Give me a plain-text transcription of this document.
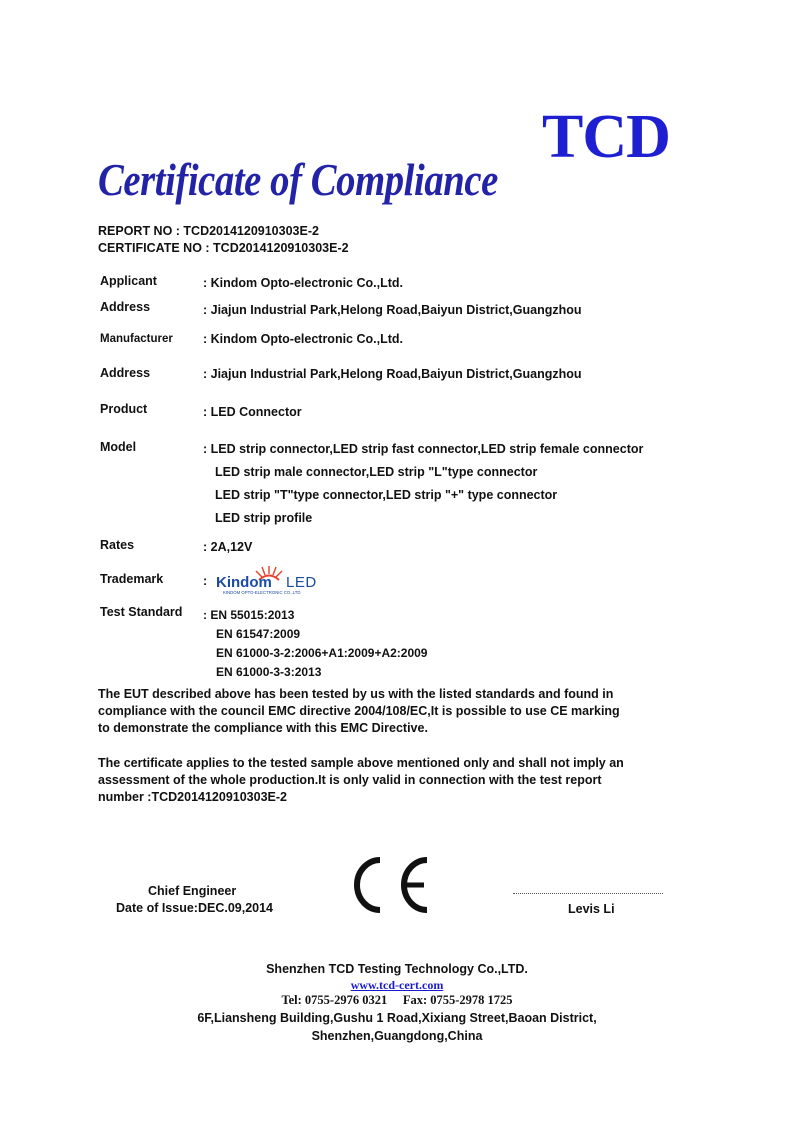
TCD
Certificate of Compliance
REPORT NO : TCD2014120910303E-2
CERTIFICATE NO : TCD2014120910303E-2
Applicant	: Kindom Opto-electronic Co.,Ltd.
Address	: Jiajun Industrial Park,Helong Road,Baiyun District,Guangzhou
Manufacturer : Kindom Opto-electronic Co.,Ltd.
Address	: Jiajun Industrial Park,Helong Road,Baiyun District,Guangzhou
Product	: LED Connector
Model	: LED strip connector,LED strip fast connector,LED strip female connector
LED strip male connector,LED strip "L"type connector
LED strip "T"type connector,LED strip "+" type connector
LED strip profile
Rates	: 2A,12V
Trademark	: Kindom LED
KINDOM OPTO-ELECTRONIC CO.,LTD
Test Standard : EN 55015:2013
EN 61547:2009
EN 61000-3-2:2006+A1:2009+A2:2009
EN 61000-3-3:2013
The EUT described above has been tested by us with the listed standards and found in
compliance with the council EMC directive 2004/108/EC,It is possible to use CE marking
to demonstrate the compliance with this EMC Directive.
The certificate applies to the tested sample above mentioned only and shall not imply an
assessment of the whole production.It is only valid in connection with the test report
number :TCD2014120910303E-2
Chief Engineer
Date of Issue:DEC.09,2014	Levis Li
Shenzhen TCD Testing Technology Co.,LTD.
www.tcd-cert.com
Tel: 0755-2976 0321     Fax: 0755-2978 1725
6F,Liansheng Building,Gushu 1 Road,Xixiang Street,Baoan District,
Shenzhen,Guangdong,China
